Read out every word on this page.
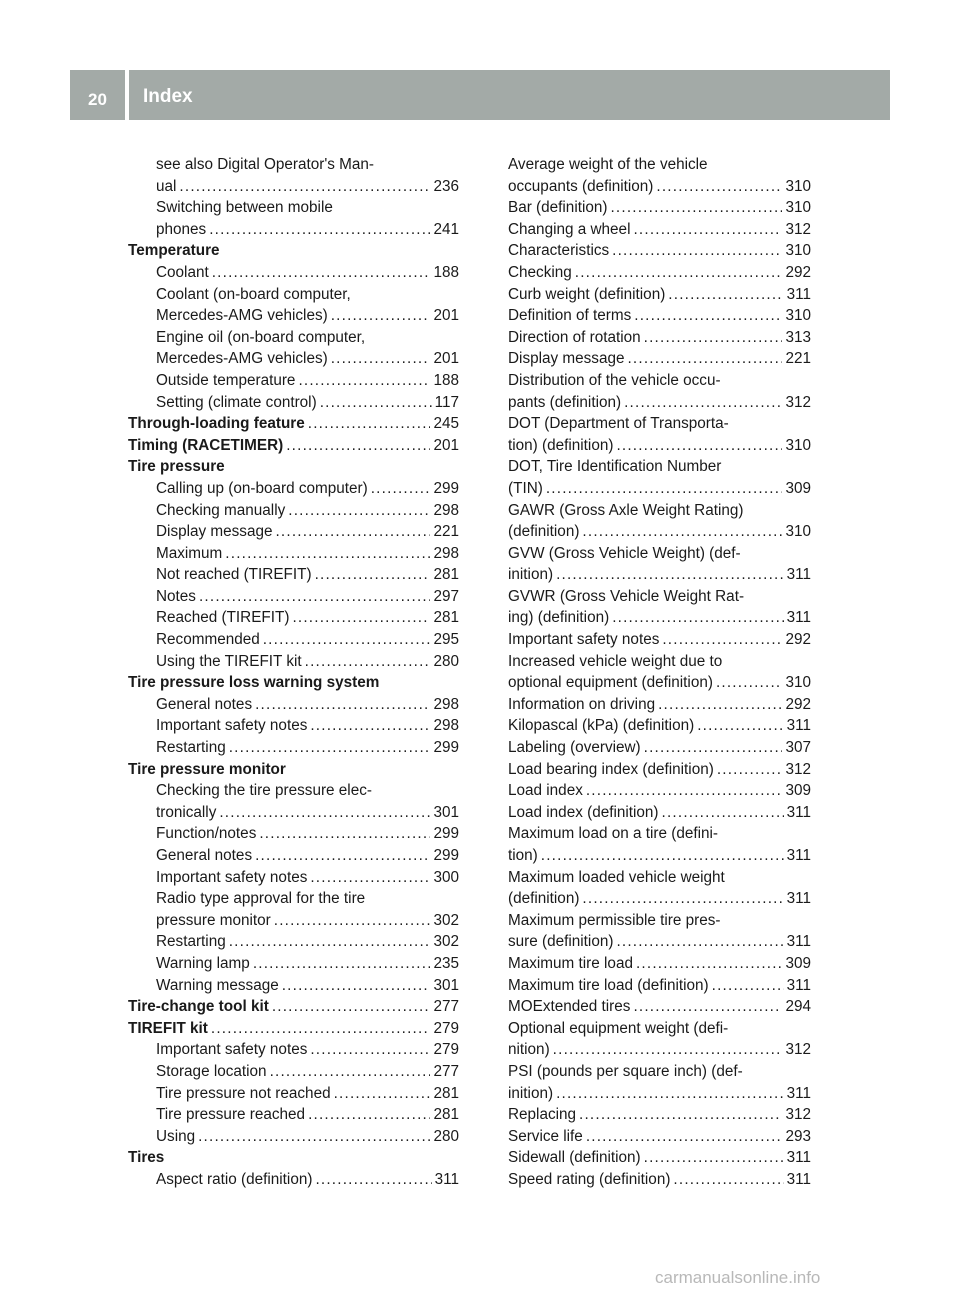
20	Index
see also Digital Operator's Man-
ual .....	236
Switching between mobile
phones .....	241
Temperature
Coolant .....	188
Coolant (on-board computer,
Mercedes-AMG vehicles) .....	201
Engine oil (on-board computer,
Mercedes-AMG vehicles) .....	201
Outside temperature .....	188
Setting (climate control) .....	117
Through-loading feature .....	245
Timing (RACETIMER) .....	201
Tire pressure
Calling up (on-board computer) .....	299
Checking manually .....	298
Display message .....	221
Maximum .....	298
Not reached (TIREFIT) .....	281
Notes .....	297
Reached (TIREFIT) .....	281
Recommended .....	295
Using the TIREFIT kit .....	280
Tire pressure loss warning system
General notes .....	298
Important safety notes .....	298
Restarting .....	299
Tire pressure monitor
Checking the tire pressure elec-
tronically .....	301
Function/notes .....	299
General notes .....	299
Important safety notes .....	300
Radio type approval for the tire
pressure monitor .....	302
Restarting .....	302
Warning lamp .....	235
Warning message .....	301
Tire-change tool kit .....	277
TIREFIT kit .....	279
Important safety notes .....	279
Storage location .....	277
Tire pressure not reached .....	281
Tire pressure reached .....	281
Using .....	280
Tires
Aspect ratio (definition) .....	311
Average weight of the vehicle
occupants (definition) .....	310
Bar (definition) .....	310
Changing a wheel .....	312
Characteristics .....	310
Checking .....	292
Curb weight (definition) .....	311
Definition of terms .....	310
Direction of rotation .....	313
Display message .....	221
Distribution of the vehicle occu-
pants (definition) .....	312
DOT (Department of Transporta-
tion) (definition) .....	310
DOT, Tire Identification Number
(TIN) .....	309
GAWR (Gross Axle Weight Rating)
(definition) .....	310
GVW (Gross Vehicle Weight) (def-
inition) .....	311
GVWR (Gross Vehicle Weight Rat-
ing) (definition) .....	311
Important safety notes .....	292
Increased vehicle weight due to
optional equipment (definition) .....	310
Information on driving .....	292
Kilopascal (kPa) (definition) .....	311
Labeling (overview) .....	307
Load bearing index (definition) .....	312
Load index .....	309
Load index (definition) .....	311
Maximum load on a tire (defini-
tion) .....	311
Maximum loaded vehicle weight
(definition) .....	311
Maximum permissible tire pres-
sure (definition) .....	311
Maximum tire load .....	309
Maximum tire load (definition) .....	311
MOExtended tires .....	294
Optional equipment weight (defi-
nition) .....	312
PSI (pounds per square inch) (def-
inition) .....	311
Replacing .....	312
Service life .....	293
Sidewall (definition) .....	311
Speed rating (definition) .....	311
carmanualsonline.info
